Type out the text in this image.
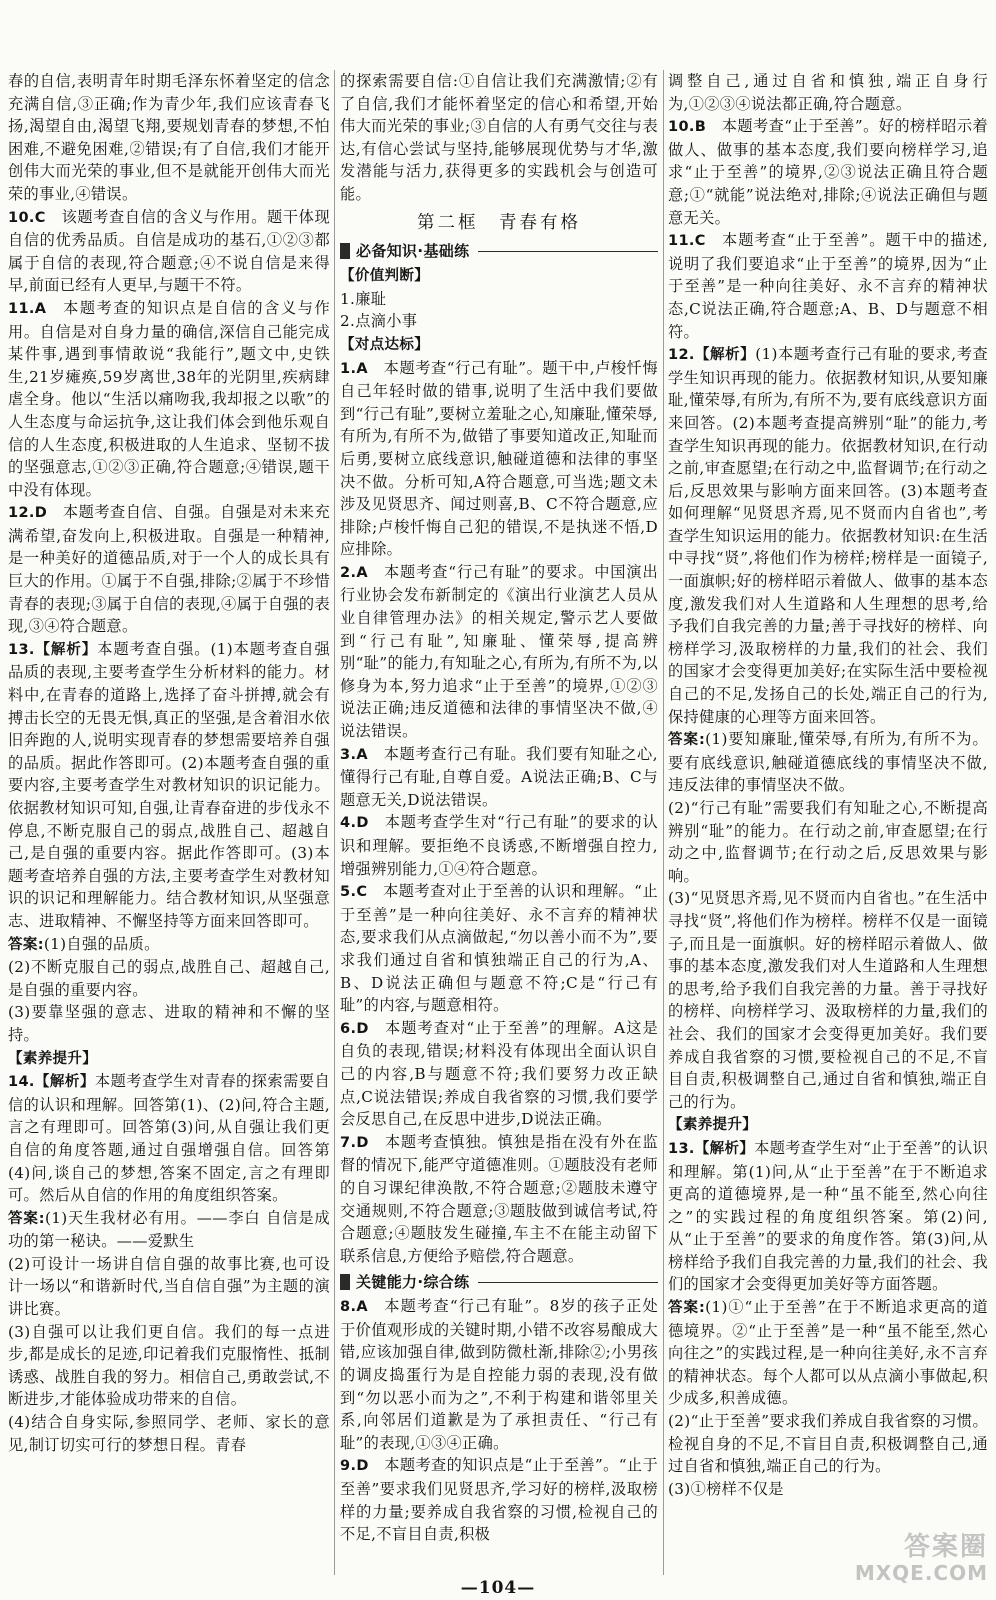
春的自信,表明青年时期毛泽东怀着坚定的信念充满自信,③正确;作为青少年,我们应该青春飞扬,渴望自由,渴望飞翔,要规划青春的梦想,不怕困难,不避免困难,②错误;有了自信,我们才能开创伟大而光荣的事业,但不是就能开创伟大而光荣的事业,④错误。

10.C  该题考查自信的含义与作用。题干体现自信的优秀品质。自信是成功的基石,①②③都属于自信的表现,符合题意;④不说自信是来得早,前面已经有人更早,与题干不符。

11.A  本题考查的知识点是自信的含义与作用。自信是对自身力量的确信,深信自己能完成某件事,遇到事情敢说“我能行”,题文中,史铁生,21岁瘫痪,59岁离世,38年的光阴里,疾病肆虐全身。他以“生活以痛吻我,我却报之以歌”的人生态度与命运抗争,这让我们体会到他乐观自信的人生态度,积极进取的人生追求、坚韧不拔的坚强意志,①②③正确,符合题意;④错误,题干中没有体现。

12.D  本题考查自信、自强。自强是对未来充满希望,奋发向上,积极进取。自强是一种精神,是一种美好的道德品质,对于一个人的成长具有巨大的作用。①属于不自强,排除;②属于不珍惜青春的表现;③属于自信的表现,④属于自强的表现,③④符合题意。

13.【解析】本题考查自强。(1)本题考查自强品质的表现,主要考查学生分析材料的能力。材料中,在青春的道路上,选择了奋斗拼搏,就会有搏击长空的无畏无惧,真正的坚强,是含着泪水依旧奔跑的人,说明实现青春的梦想需要培养自强的品质。据此作答即可。(2)本题考查自强的重要内容,主要考查学生对教材知识的识记能力。依据教材知识可知,自强,让青春奋进的步伐永不停息,不断克服自己的弱点,战胜自己、超越自己,是自强的重要内容。据此作答即可。(3)本题考查培养自强的方法,主要考查学生对教材知识的识记和理解能力。结合教材知识,从坚强意志、进取精神、不懈坚持等方面来回答即可。

答案:(1)自强的品质。

(2)不断克服自己的弱点,战胜自己、超越自己,是自强的重要内容。

(3)要靠坚强的意志、进取的精神和不懈的坚持。

【素养提升】

14.【解析】本题考查学生对青春的探索需要自信的认识和理解。回答第(1)、(2)问,符合主题,言之有理即可。回答第(3)问,从自强让我们更自信的角度答题,通过自强增强自信。回答第(4)问,谈自己的梦想,答案不固定,言之有理即可。然后从自信的作用的角度组织答案。

答案:(1)天生我材必有用。——李白 自信是成功的第一秘诀。——爱默生

(2)可设计一场讲自信自强的故事比赛,也可设计一场以“和谐新时代,当自信自强”为主题的演讲比赛。

(3)自强可以让我们更自信。我们的每一点进步,都是成长的足迹,印记着我们克服惰性、抵制诱惑、战胜自我的努力。相信自己,勇敢尝试,不断进步,才能体验成功带来的自信。

(4)结合自身实际,参照同学、老师、家长的意见,制订切实可行的梦想日程。青春

的探索需要自信:①自信让我们充满激情;②有了自信,我们才能怀着坚定的信心和希望,开始伟大而光荣的事业;③自信的人有勇气交往与表达,有信心尝试与坚持,能够展现优势与才华,激发潜能与活力,获得更多的实践机会与创造可能。

第二框　青春有格
必备知识·基础练

【价值判断】

1.廉耻

2.点滴小事

【对点达标】

1.A  本题考查“行己有耻”。题干中,卢梭忏悔自己年轻时做的错事,说明了生活中我们要做到“行己有耻”,要树立羞耻之心,知廉耻,懂荣辱,有所为,有所不为,做错了事要知道改正,知耻而后勇,要树立底线意识,触碰道德和法律的事坚决不做。分析可知,A符合题意,可当选;题文未涉及见贤思齐、闻过则喜,B、C不符合题意,应排除;卢梭忏悔自己犯的错误,不是执迷不悟,D应排除。

2.A  本题考查“行己有耻”的要求。中国演出行业协会发布新制定的《演出行业演艺人员从业自律管理办法》的相关规定,警示艺人要做到“行己有耻”,知廉耻、懂荣辱,提高辨别“耻”的能力,有知耻之心,有所为,有所不为,以修身为本,努力追求“止于至善”的境界,①②③说法正确;违反道德和法律的事情坚决不做,④说法错误。

3.A  本题考查行己有耻。我们要有知耻之心,懂得行己有耻,自尊自爱。A说法正确;B、C与题意无关,D说法错误。

4.D  本题考查学生对“行己有耻”的要求的认识和理解。要拒绝不良诱惑,不断增强自控力,增强辨别能力,①④符合题意。

5.C  本题考查对止于至善的认识和理解。“止于至善”是一种向往美好、永不言弃的精神状态,要求我们从点滴做起,“勿以善小而不为”,要求我们通过自省和慎独端正自己的行为,A、B、D说法正确但与题意不符;C是“行己有耻”的内容,与题意相符。

6.D  本题考查对“止于至善”的理解。A这是自负的表现,错误;材料没有体现出全面认识自己的内容,B与题意不符;我们要努力改正缺点,C说法错误;养成自我省察的习惯,我们要学会反思自己,在反思中进步,D说法正确。

7.D  本题考查慎独。慎独是指在没有外在监督的情况下,能严守道德准则。①题肢没有老师的自习课纪律涣散,不符合题意;②题肢未遵守交通规则,不符合题意;③题肢做到诚信考试,符合题意;④题肢发生碰撞,车主不在能主动留下联系信息,方便给予赔偿,符合题意。

关键能力·综合练

8.A  本题考查“行己有耻”。8岁的孩子正处于价值观形成的关键时期,小错不改容易酿成大错,应该加强自律,做到防微杜渐,排除②;小男孩的调皮捣蛋行为是自控能力弱的表现,没有做到“勿以恶小而为之”,不利于构建和谐邻里关系,向邻居们道歉是为了承担责任、“行己有耻”的表现,①③④正确。

9.D  本题考查的知识点是“止于至善”。“止于至善”要求我们见贤思齐,学习好的榜样,汲取榜样的力量;要养成自我省察的习惯,检视自己的不足,不盲目自责,积极

调整自己,通过自省和慎独,端正自身行为,①②③④说法都正确,符合题意。

10.B  本题考查“止于至善”。好的榜样昭示着做人、做事的基本态度,我们要向榜样学习,追求“止于至善”的境界,②③说法正确且符合题意;①“就能”说法绝对,排除;④说法正确但与题意无关。

11.C  本题考查“止于至善”。题干中的描述,说明了我们要追求“止于至善”的境界,因为“止于至善”是一种向往美好、永不言弃的精神状态,C说法正确,符合题意;A、B、D与题意不相符。

12.【解析】(1)本题考查行己有耻的要求,考查学生知识再现的能力。依据教材知识,从要知廉耻,懂荣辱,有所为,有所不为,要有底线意识方面来回答。(2)本题考查提高辨别“耻”的能力,考查学生知识再现的能力。依据教材知识,在行动之前,审查愿望;在行动之中,监督调节;在行动之后,反思效果与影响方面来回答。(3)本题考查如何理解“见贤思齐焉,见不贤而内自省也”,考查学生知识运用的能力。依据教材知识:在生活中寻找“贤”,将他们作为榜样;榜样是一面镜子,一面旗帜;好的榜样昭示着做人、做事的基本态度,激发我们对人生道路和人生理想的思考,给予我们自我完善的力量;善于寻找好的榜样、向榜样学习,汲取榜样的力量,我们的社会、我们的国家才会变得更加美好;在实际生活中要检视自己的不足,发扬自己的长处,端正自己的行为,保持健康的心理等方面来回答。

答案:(1)要知廉耻,懂荣辱,有所为,有所不为。要有底线意识,触碰道德底线的事情坚决不做,违反法律的事情坚决不做。

(2)“行己有耻”需要我们有知耻之心,不断提高辨别“耻”的能力。在行动之前,审查愿望;在行动之中,监督调节;在行动之后,反思效果与影响。

(3)“见贤思齐焉,见不贤而内自省也。”在生活中寻找“贤”,将他们作为榜样。榜样不仅是一面镜子,而且是一面旗帜。好的榜样昭示着做人、做事的基本态度,激发我们对人生道路和人生理想的思考,给予我们自我完善的力量。善于寻找好的榜样、向榜样学习、汲取榜样的力量,我们的社会、我们的国家才会变得更加美好。我们要养成自我省察的习惯,要检视自己的不足,不盲目自责,积极调整自己,通过自省和慎独,端正自己的行为。

【素养提升】

13.【解析】本题考查学生对“止于至善”的认识和理解。第(1)问,从“止于至善”在于不断追求更高的道德境界,是一种“虽不能至,然心向往之”的实践过程的角度组织答案。第(2)问,从“止于至善”的要求的角度作答。第(3)问,从榜样给予我们自我完善的力量,我们的社会、我们的国家才会变得更加美好等方面答题。

答案:(1)①“止于至善”在于不断追求更高的道德境界。②“止于至善”是一种“虽不能至,然心向往之”的实践过程,是一种向往美好,永不言弃的精神状态。每个人都可以从点滴小事做起,积少成多,积善成德。

(2)“止于至善”要求我们养成自我省察的习惯。检视自身的不足,不盲目自责,积极调整自己,通过自省和慎独,端正自己的行为。

(3)①榜样不仅是

—104—
答案圈
MXQE.COM
